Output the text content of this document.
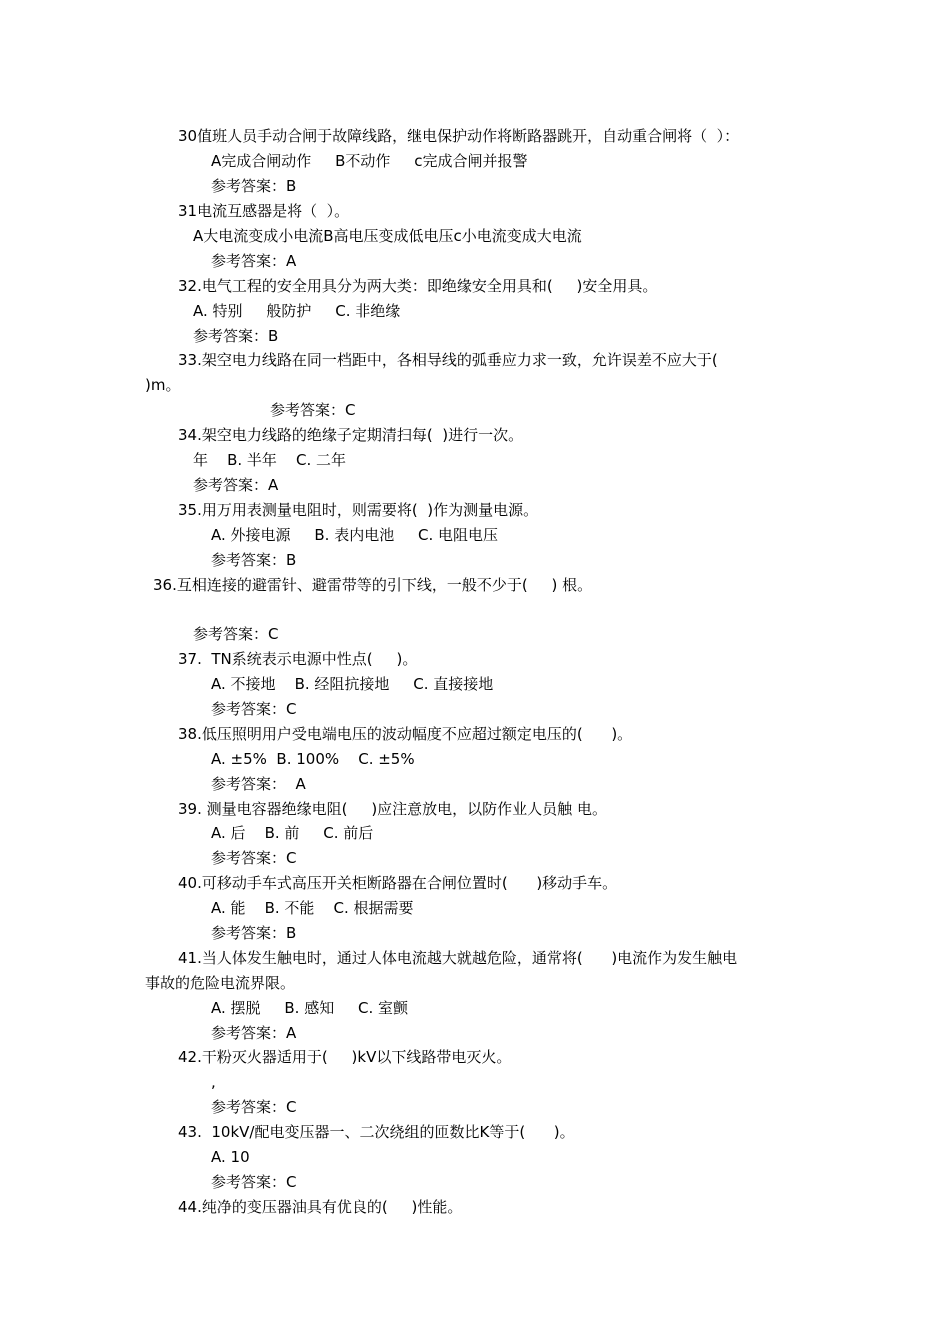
30值班人员手动合闸于故障线路，继电保护动作将断路器跳开，自动重合闸将（  ）：
A完成合闸动作     B不动作     c完成合闸并报警
参考答案：B
31电流互感器是将（  ）。
A大电流变成小电流B高电压变成低电压c小电流变成大电流
参考答案：A
32.电气工程的安全用具分为两大类：即绝缘安全用具和(     )安全用具。
A. 特别     般防护     C. 非绝缘
参考答案：B
33.架空电力线路在同一档距中，各相导线的弧垂应力求一致，允许误差不应大于(
)m。
参考答案：C
34.架空电力线路的绝缘子定期清扫每(  )进行一次。
年    B. 半年    C. 二年
参考答案：A
35.用万用表测量电阻时，则需要将(  )作为测量电源。
A. 外接电源     B. 表内电池     C. 电阻电压
参考答案：B
36.互相连接的避雷针、避雷带等的引下线，一般不少于(     ) 根。
参考答案：C
37.  TN系统表示电源中性点(     )。
A. 不接地    B. 经阻抗接地     C. 直接接地
参考答案：C
38.低压照明用户受电端电压的波动幅度不应超过额定电压的(      )。
A. ±5%  B. 100%    C. ±5%
参考答案：  A
39. 测量电容器绝缘电阻(     )应注意放电，以防作业人员触 电。
A. 后    B. 前     C. 前后
参考答案：C
40.可移动手车式高压开关柜断路器在合闸位置时(      )移动手车。
A. 能    B. 不能    C. 根据需要
参考答案：B
41.当人体发生触电时，通过人体电流越大就越危险，通常将(      )电流作为发生触电
事故的危险电流界限。
A. 摆脱     B. 感知     C. 室颤
参考答案：A
42.干粉灭火器适用于(     )kV以下线路带电灭火。
,
参考答案：C
43.  10kV/配电变压器一、二次绕组的匝数比K等于(      )。
A. 10
参考答案：C
44.纯净的变压器油具有优良的(     )性能。
